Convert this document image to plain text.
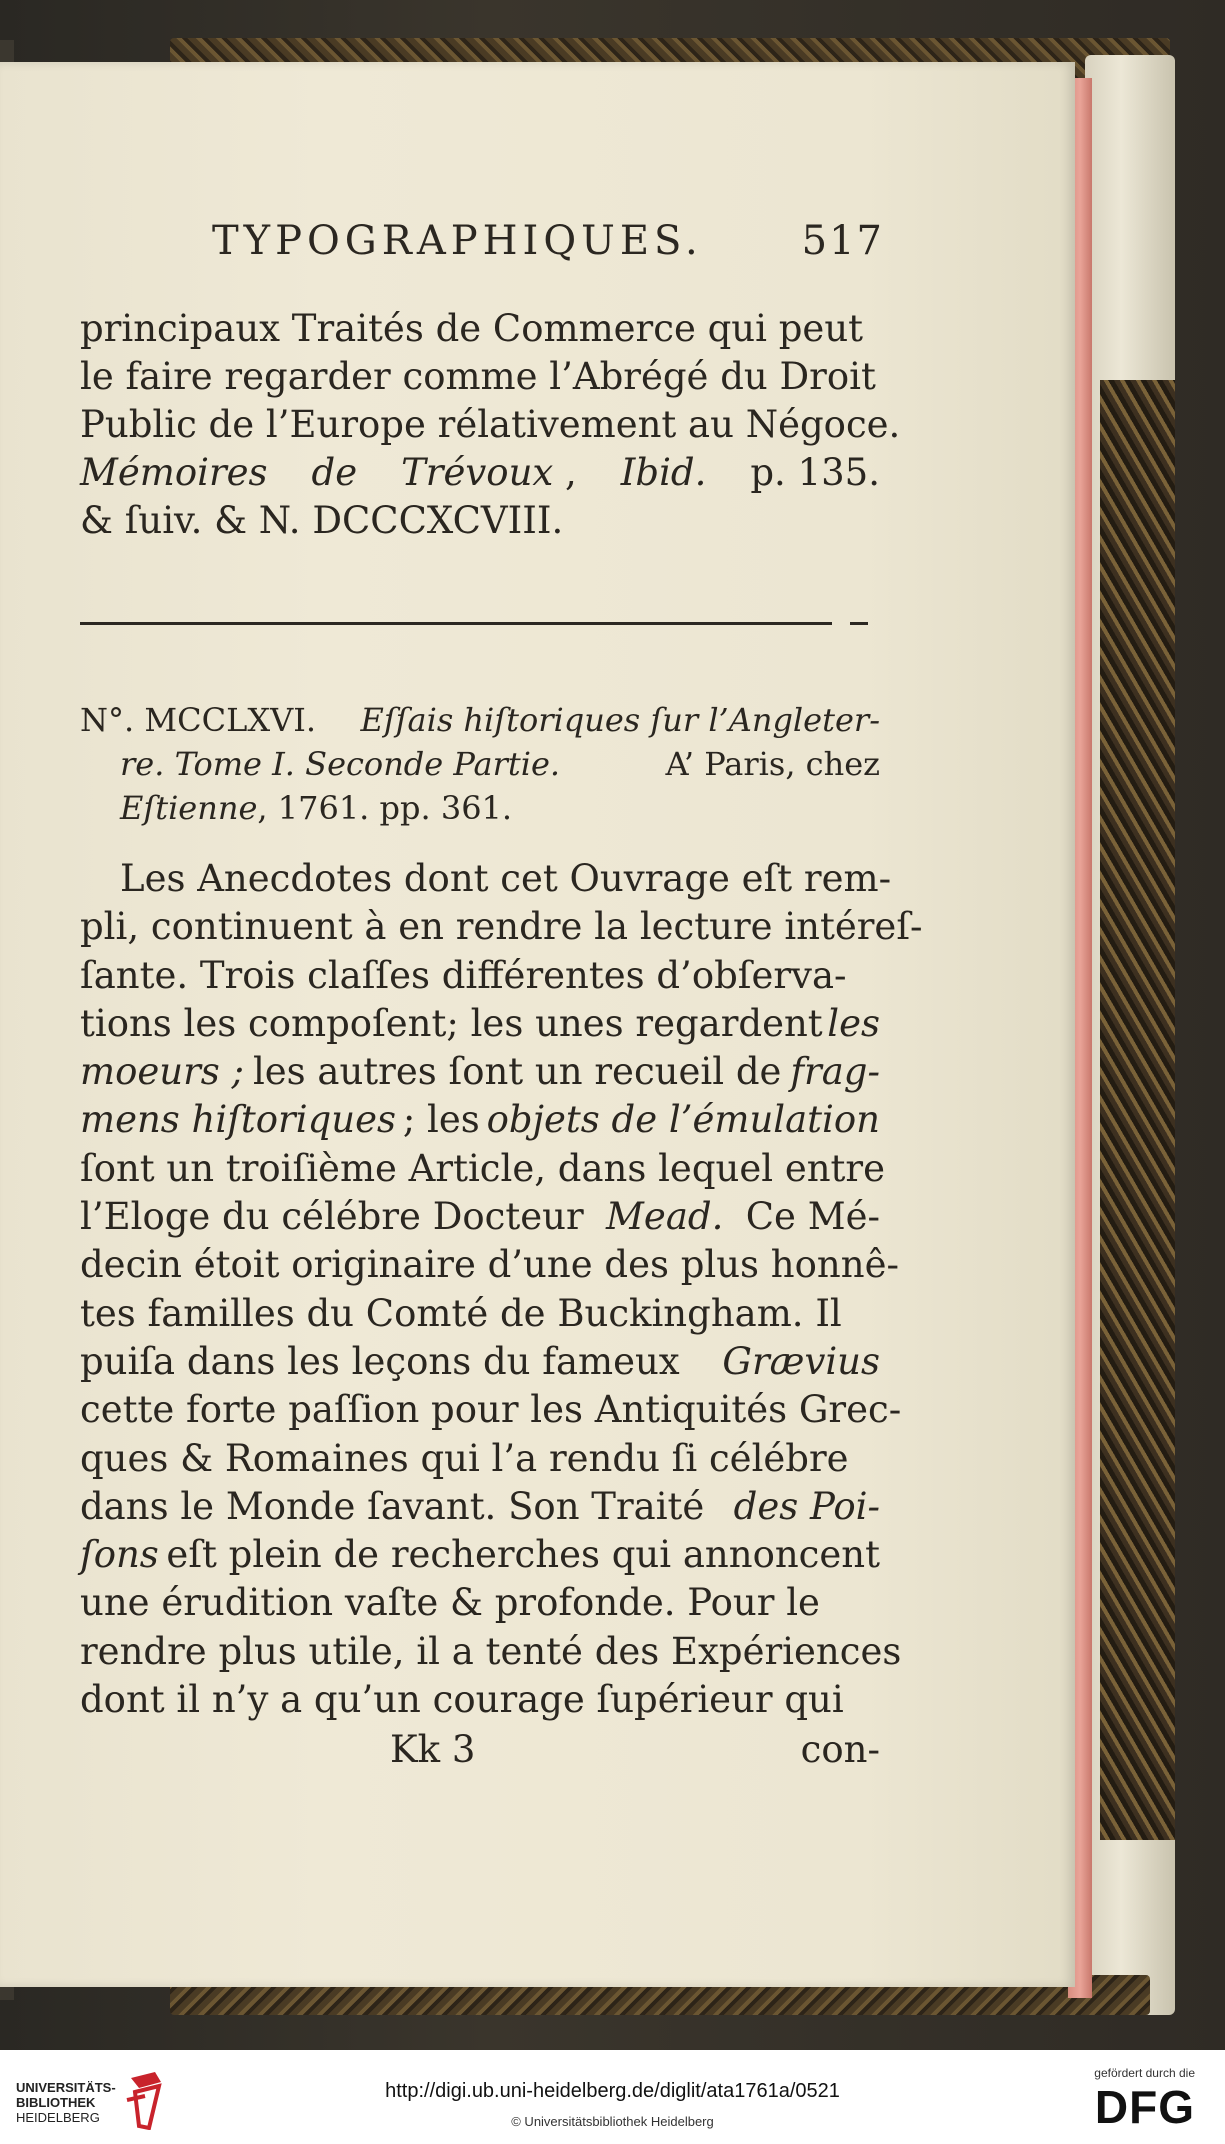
TYPOGRAPHIQUES. 517
principaux Traités de Commerce qui peut
le faire regarder comme l’Abrégé du Droit
Public de l’Europe rélativement au Négoce.
Mémoires de Trévoux , Ibid. p. 135.
& ſuiv. & N. DCCCXCVIII.
N°. MCCLXVI. Eſſais hiſtoriques ſur l’Angleter-
re. Tome I. Seconde Partie.	A’ Paris, chez
Eſtienne, 1761. pp. 361.
Les Anecdotes dont cet Ouvrage eſt rem-
pli, continuent à en rendre la lecture intéreſ-
ſante. Trois claſſes différentes d’obſerva-
tions les compoſent; les unes regardent les
moeurs ; les autres ſont un recueil de frag-
mens hiſtoriques ; les objets de l’émulation
ſont un troiſième Article, dans lequel entre
l’Eloge du célébre Docteur Mead. Ce Mé-
decin étoit originaire d’une des plus honnê-
tes familles du Comté de Buckingham. Il
puiſa dans les leçons du fameux Grævius
cette forte paſſion pour les Antiquités Grec-
ques & Romaines qui l’a rendu ſi célébre
dans le Monde ſavant. Son Traité des Poi-
ſons eſt plein de recherches qui annoncent
une érudition vaſte & profonde. Pour le
rendre plus utile, il a tenté des Expériences
dont il n’y a qu’un courage ſupérieur qui
Kk 3	con-
UNIVERSITÄTS-
BIBLIOTHEK
HEIDELBERG
http://digi.ub.uni-heidelberg.de/diglit/ata1761a/0521
© Universitätsbibliothek Heidelberg
gefördert durch die
DFG
